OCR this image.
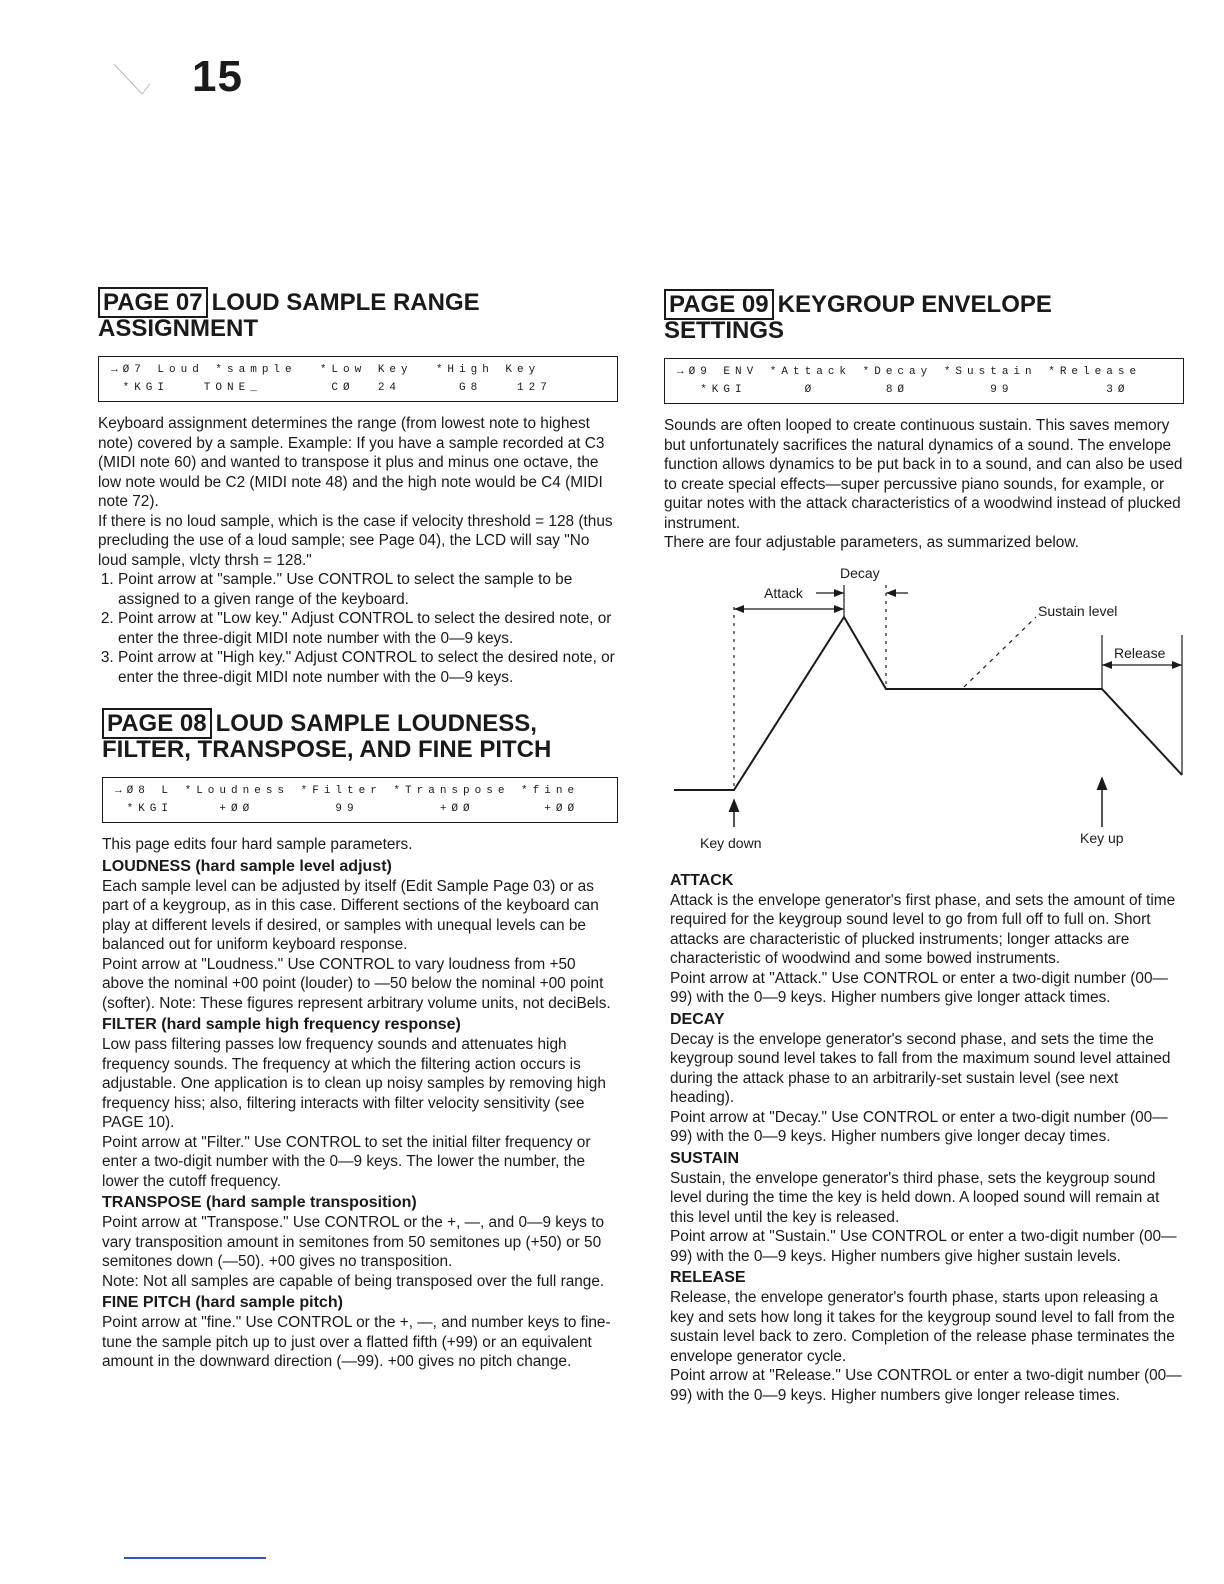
15
PAGE 07 LOUD SAMPLE RANGE
ASSIGNMENT
→Ø7 Loud *sample  *Low Key  *High Key
*KGI   TONE_      CØ  24     G8   127

Keyboard assignment determines the range (from lowest note to highest note) covered by a sample. Example: If you have a sample recorded at C3 (MIDI note 60) and wanted to transpose it plus and minus one octave, the low note would be C2 (MIDI note 48) and the high note would be C4 (MIDI note 72).

If there is no loud sample, which is the case if velocity threshold = 128 (thus precluding the use of a loud sample; see Page 04), the LCD will say "No loud sample, vlcty thrsh = 128."

1. Point arrow at "sample." Use CONTROL to select the sample to be assigned to a given range of the keyboard.
2. Point arrow at "Low key." Adjust CONTROL to select the desired note, or enter the three-digit MIDI note number with the 0—9 keys.
3. Point arrow at "High key." Adjust CONTROL to select the desired note, or enter the three-digit MIDI note number with the 0—9 keys.
PAGE 08 LOUD SAMPLE LOUDNESS,
FILTER, TRANSPOSE, AND FINE PITCH
→Ø8 L *Loudness *Filter *Transpose *fine
*KGI    +ØØ       99       +ØØ      +ØØ

This page edits four hard sample parameters.

LOUDNESS (hard sample level adjust)

Each sample level can be adjusted by itself (Edit Sample Page 03) or as part of a keygroup, as in this case. Different sections of the keyboard can play at different levels if desired, or samples with unequal levels can be balanced out for uniform keyboard response.

Point arrow at "Loudness." Use CONTROL to vary loudness from +50 above the nominal +00 point (louder) to —50 below the nominal +00 point (softer). Note: These figures represent arbitrary volume units, not deciBels.

FILTER (hard sample high frequency response)

Low pass filtering passes low frequency sounds and attenuates high frequency sounds. The frequency at which the filtering action occurs is adjustable. One application is to clean up noisy samples by removing high frequency hiss; also, filtering interacts with filter velocity sensitivity (see PAGE 10).

Point arrow at "Filter." Use CONTROL to set the initial filter frequency or enter a two-digit number with the 0—9 keys. The lower the number, the lower the cutoff frequency.

TRANSPOSE (hard sample transposition)

Point arrow at "Transpose." Use CONTROL or the +, —, and 0—9 keys to vary transposition amount in semitones from 50 semitones up (+50) or 50 semitones down (—50). +00 gives no transposition.

Note: Not all samples are capable of being transposed over the full range.

FINE PITCH (hard sample pitch)

Point arrow at "fine." Use CONTROL or the +, —, and number keys to fine-tune the sample pitch up to just over a flatted fifth (+99) or an equivalent amount in the downward direction (—99). +00 gives no pitch change.

PAGE 09 KEYGROUP ENVELOPE
SETTINGS
→Ø9 ENV *Attack *Decay *Sustain *Release
*KGI     Ø      8Ø       99        3Ø

Sounds are often looped to create continuous sustain. This saves memory but unfortunately sacrifices the natural dynamics of a sound. The envelope function allows dynamics to be put back in to a sound, and can also be used to create special effects—super percussive piano sounds, for example, or guitar notes with the attack characteristics of a woodwind instead of plucked instrument.

There are four adjustable parameters, as summarized below.

Decay
Attack
Sustain level
Release
Key down	Key up
ATTACK

Attack is the envelope generator's first phase, and sets the amount of time required for the keygroup sound level to go from full off to full on. Short attacks are characteristic of plucked instruments; longer attacks are characteristic of woodwind and some bowed instruments.

Point arrow at "Attack." Use CONTROL or enter a two-digit number (00—99) with the 0—9 keys. Higher numbers give longer attack times.

DECAY

Decay is the envelope generator's second phase, and sets the time the keygroup sound level takes to fall from the maximum sound level attained during the attack phase to an arbitrarily-set sustain level (see next heading).

Point arrow at "Decay." Use CONTROL or enter a two-digit number (00—99) with the 0—9 keys. Higher numbers give longer decay times.

SUSTAIN

Sustain, the envelope generator's third phase, sets the keygroup sound level during the time the key is held down. A looped sound will remain at this level until the key is released.

Point arrow at "Sustain." Use CONTROL or enter a two-digit number (00—99) with the 0—9 keys. Higher numbers give higher sustain levels.

RELEASE

Release, the envelope generator's fourth phase, starts upon releasing a key and sets how long it takes for the keygroup sound level to fall from the sustain level back to zero. Completion of the release phase terminates the envelope generator cycle.

Point arrow at "Release." Use CONTROL or enter a two-digit number (00—99) with the 0—9 keys. Higher numbers give longer release times.
